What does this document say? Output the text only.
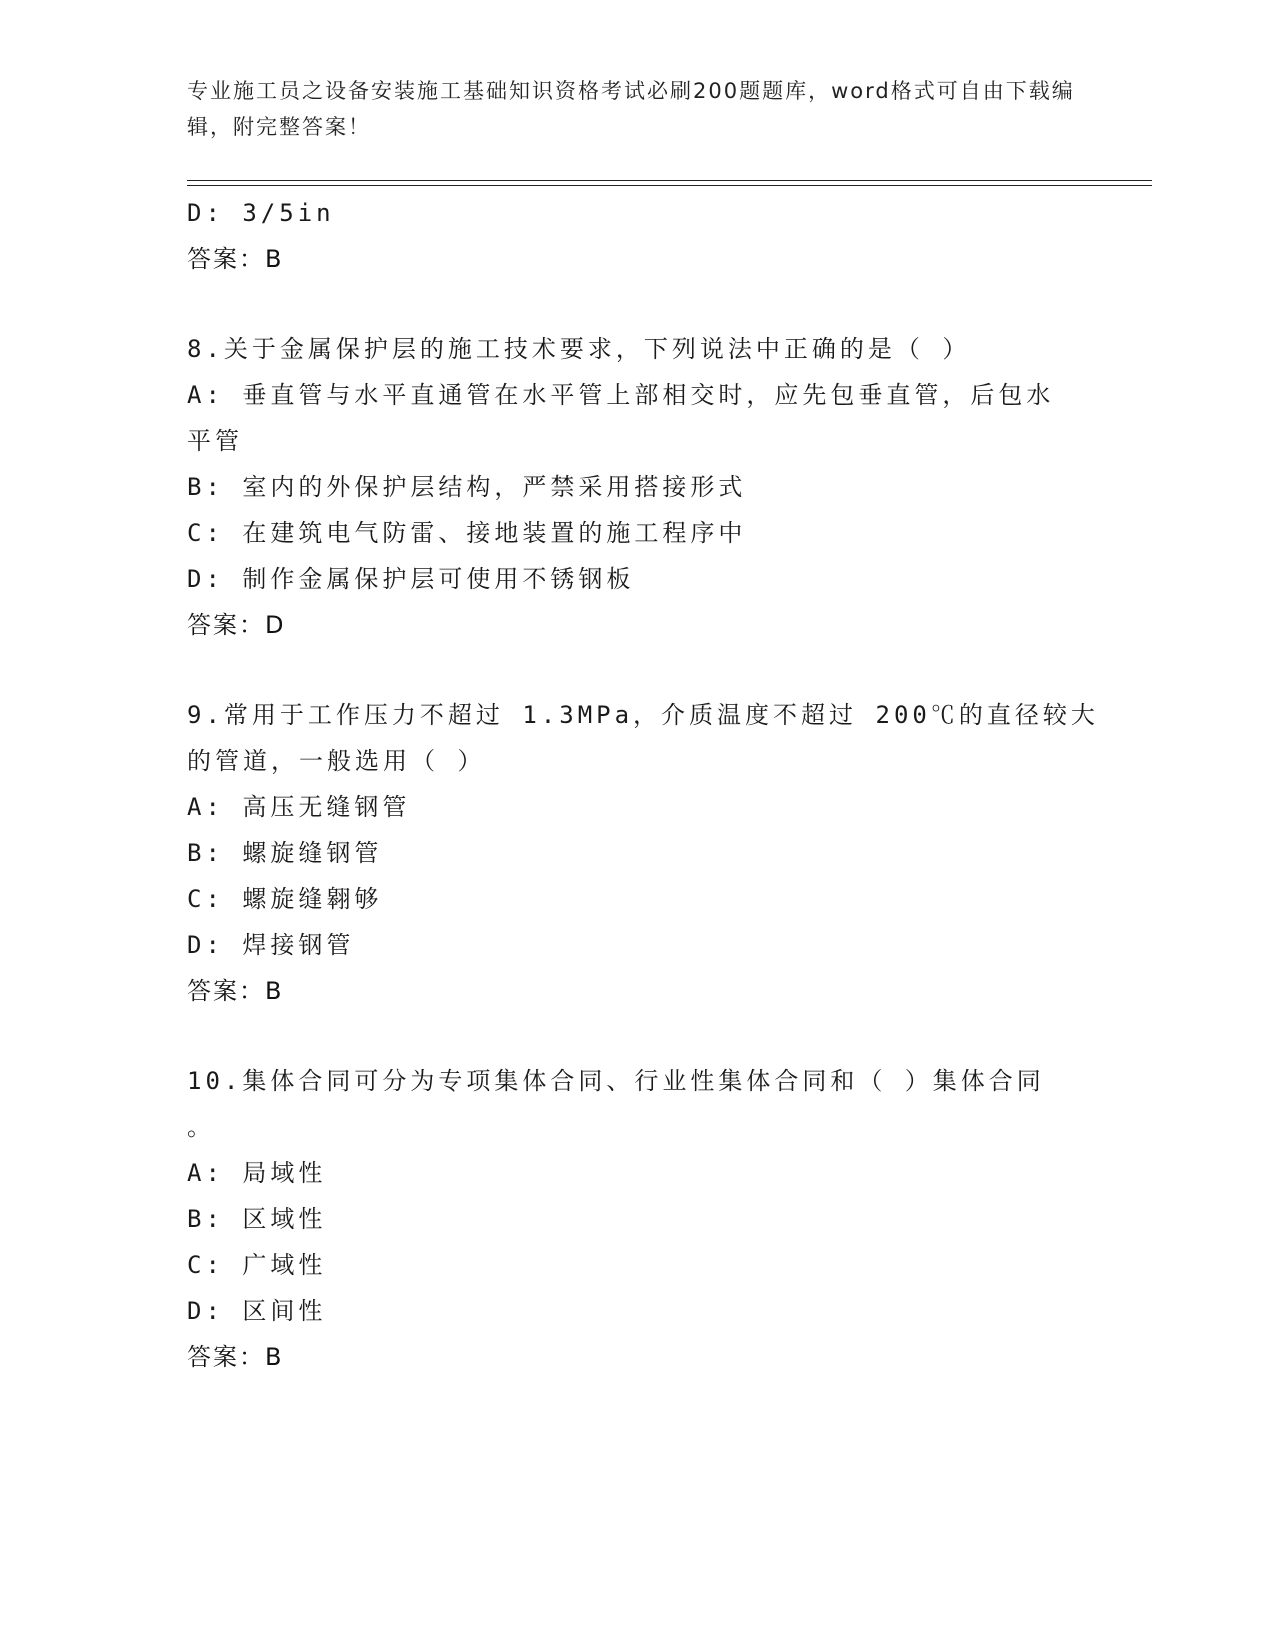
专业施工员之设备安装施工基础知识资格考试必刷200题题库，word格式可自由下载编辑，附完整答案！
D: 3/5in
答案：B
8.关于金属保护层的施工技术要求，下列说法中正确的是（ ）
A: 垂直管与水平直通管在水平管上部相交时，应先包垂直管，后包水
平管
B: 室内的外保护层结构，严禁采用搭接形式
C: 在建筑电气防雷、接地装置的施工程序中
D: 制作金属保护层可使用不锈钢板
答案：D
9.常用于工作压力不超过 1.3MPa，介质温度不超过 200℃的直径较大
的管道，一般选用（ ）
A: 高压无缝钢管
B: 螺旋缝钢管
C: 螺旋缝翱够
D: 焊接钢管
答案：B
10.集体合同可分为专项集体合同、行业性集体合同和（ ）集体合同
。
A: 局域性
B: 区域性
C: 广域性
D: 区间性
答案：B
